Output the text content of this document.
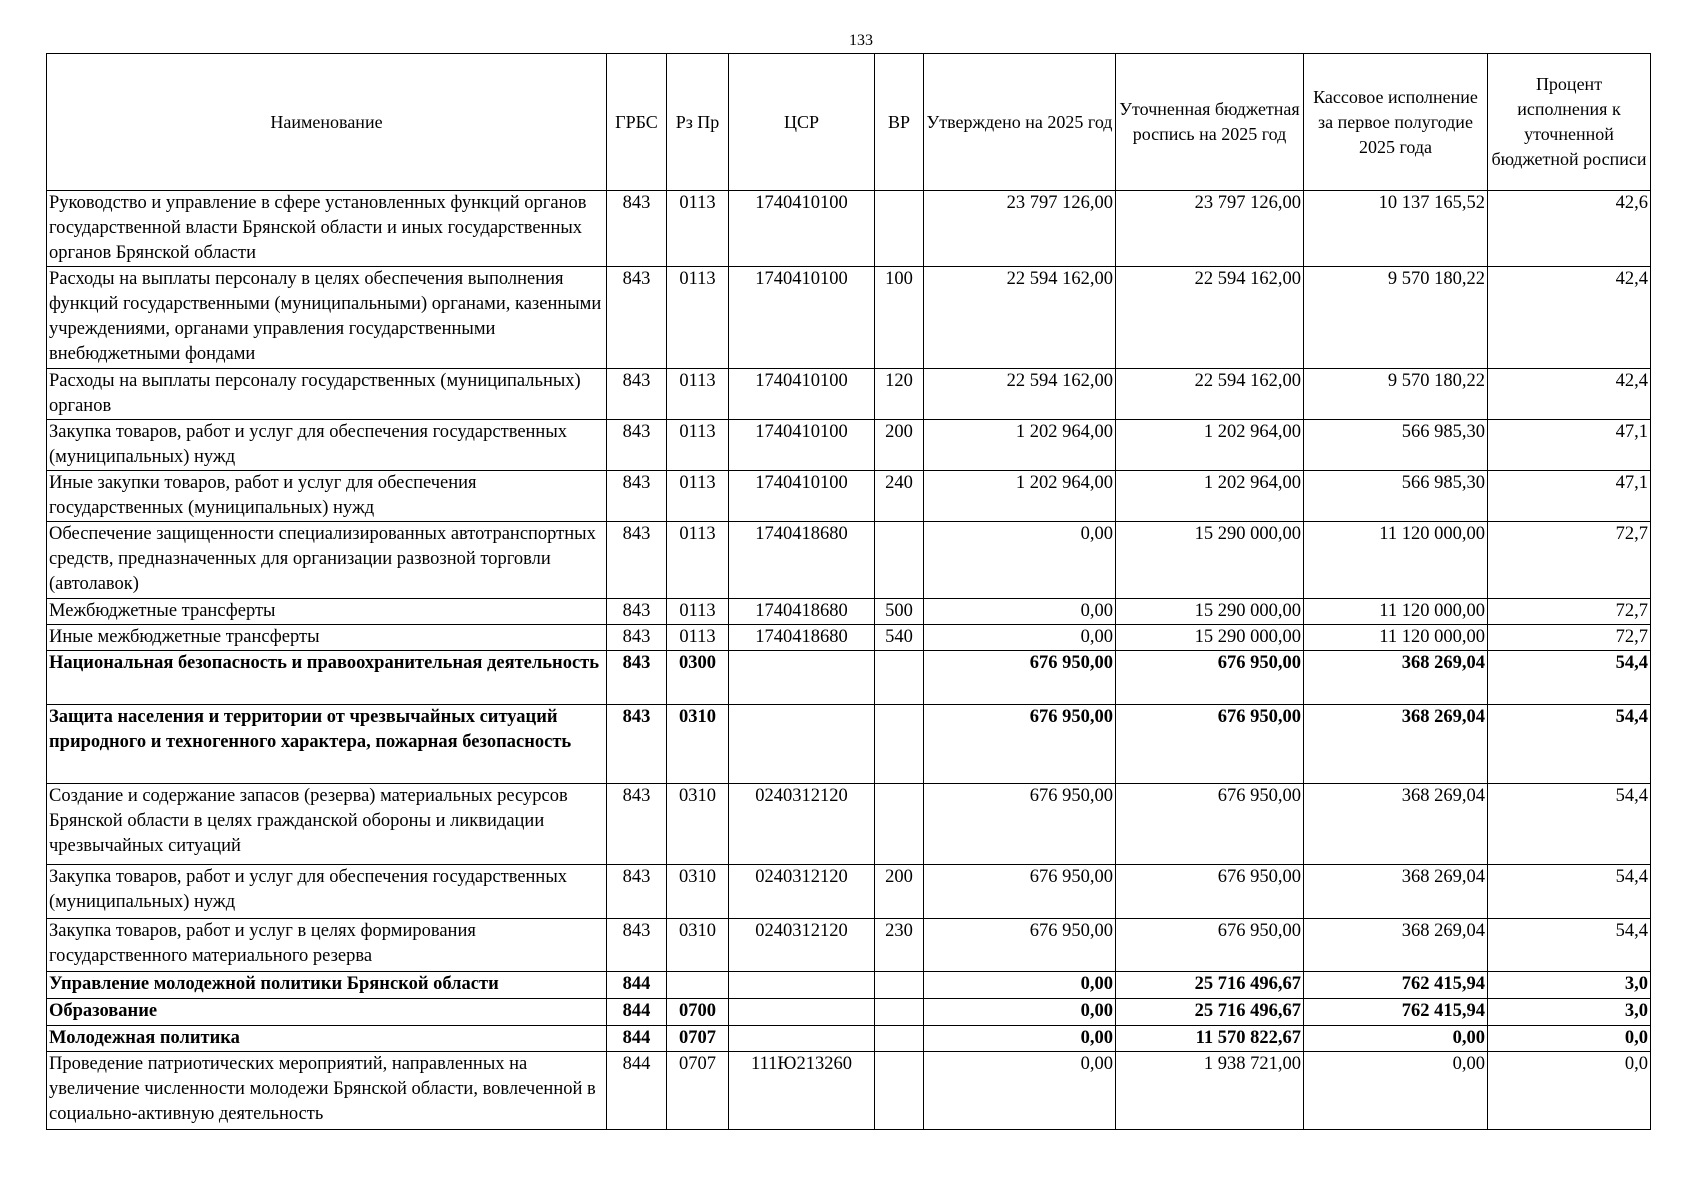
133
Наименование	ГРБС	Рз Пр	ЦСР	ВР	Утверждено на 2025 год	Уточненная бюджетная роспись на 2025 год	Кассовое исполнение за первое полугодие 2025 года	Процент исполнения к уточненной бюджетной росписи
Руководство и управление в сфере установленных функций органов государственной власти Брянской области и иных государственных органов Брянской области	843	0113	1740410100		23 797 126,00	23 797 126,00	10 137 165,52	42,6
Расходы на выплаты персоналу в целях обеспечения выполнения функций государственными (муниципальными) органами, казенными учреждениями, органами управления государственными внебюджетными фондами	843	0113	1740410100	100	22 594 162,00	22 594 162,00	9 570 180,22	42,4
Расходы на выплаты персоналу государственных (муниципальных) органов	843	0113	1740410100	120	22 594 162,00	22 594 162,00	9 570 180,22	42,4
Закупка товаров, работ и услуг для обеспечения государственных (муниципальных) нужд	843	0113	1740410100	200	1 202 964,00	1 202 964,00	566 985,30	47,1
Иные закупки товаров, работ и услуг для обеспечения государственных (муниципальных) нужд	843	0113	1740410100	240	1 202 964,00	1 202 964,00	566 985,30	47,1
Обеспечение защищенности специализированных автотранспортных средств, предназначенных для организации развозной торговли (автолавок)	843	0113	1740418680		0,00	15 290 000,00	11 120 000,00	72,7
Межбюджетные трансферты	843	0113	1740418680	500	0,00	15 290 000,00	11 120 000,00	72,7
Иные межбюджетные трансферты	843	0113	1740418680	540	0,00	15 290 000,00	11 120 000,00	72,7
Национальная безопасность и правоохранительная деятельность	843	0300			676 950,00	676 950,00	368 269,04	54,4
Защита населения и территории от чрезвычайных ситуаций природного и техногенного характера, пожарная безопасность	843	0310			676 950,00	676 950,00	368 269,04	54,4
Создание и содержание запасов (резерва) материальных ресурсов Брянской области в целях гражданской обороны и ликвидации чрезвычайных ситуаций	843	0310	0240312120		676 950,00	676 950,00	368 269,04	54,4
Закупка товаров, работ и услуг для обеспечения государственных (муниципальных) нужд	843	0310	0240312120	200	676 950,00	676 950,00	368 269,04	54,4
Закупка товаров, работ и услуг в целях формирования государственного материального резерва	843	0310	0240312120	230	676 950,00	676 950,00	368 269,04	54,4
Управление молодежной политики Брянской области	844				0,00	25 716 496,67	762 415,94	3,0
Образование	844	0700			0,00	25 716 496,67	762 415,94	3,0
Молодежная политика	844	0707			0,00	11 570 822,67	0,00	0,0
Проведение патриотических мероприятий, направленных на увеличение численности молодежи Брянской области, вовлеченной в социально-активную деятельность	844	0707	111Ю213260		0,00	1 938 721,00	0,00	0,0
